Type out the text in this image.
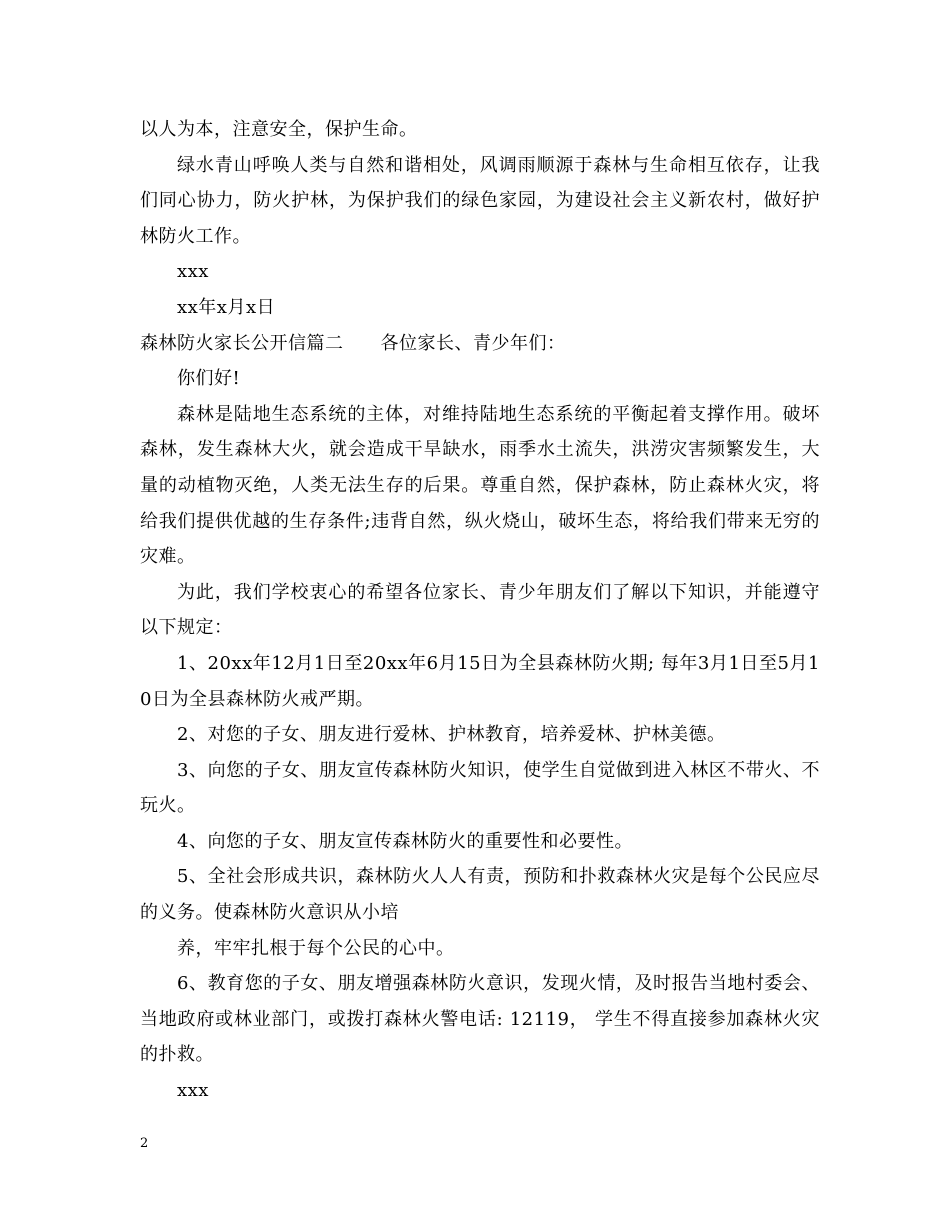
以人为本，注意安全，保护生命。

绿水青山呼唤人类与自然和谐相处，风调雨顺源于森林与生命相互依存，让我们同心协力，防火护林，为保护我们的绿色家园，为建设社会主义新农村，做好护林防火工作。

xxx

xx年x月x日

森林防火家长公开信篇二　　各位家长、青少年们：

你们好!

森林是陆地生态系统的主体，对维持陆地生态系统的平衡起着支撑作用。破坏森林，发生森林大火，就会造成干旱缺水，雨季水土流失，洪涝灾害频繁发生，大量的动植物灭绝，人类无法生存的后果。尊重自然，保护森林，防止森林火灾，将给我们提供优越的生存条件;违背自然，纵火烧山，破坏生态，将给我们带来无穷的灾难。

为此，我们学校衷心的希望各位家长、青少年朋友们了解以下知识，并能遵守以下规定：

1、20xx年12月1日至20xx年6月15日为全县森林防火期; 每年3月1日至5月10日为全县森林防火戒严期。

2、对您的子女、朋友进行爱林、护林教育，培养爱林、护林美德。

3、向您的子女、朋友宣传森林防火知识，使学生自觉做到进入林区不带火、不玩火。

4、向您的子女、朋友宣传森林防火的重要性和必要性。

5、全社会形成共识，森林防火人人有责，预防和扑救森林火灾是每个公民应尽的义务。使森林防火意识从小培

养，牢牢扎根于每个公民的心中。

6、教育您的子女、朋友增强森林防火意识，发现火情，及时报告当地村委会、当地政府或林业部门，或拨打森林火警电话: 12119， 学生不得直接参加森林火灾的扑救。

xxx

2
